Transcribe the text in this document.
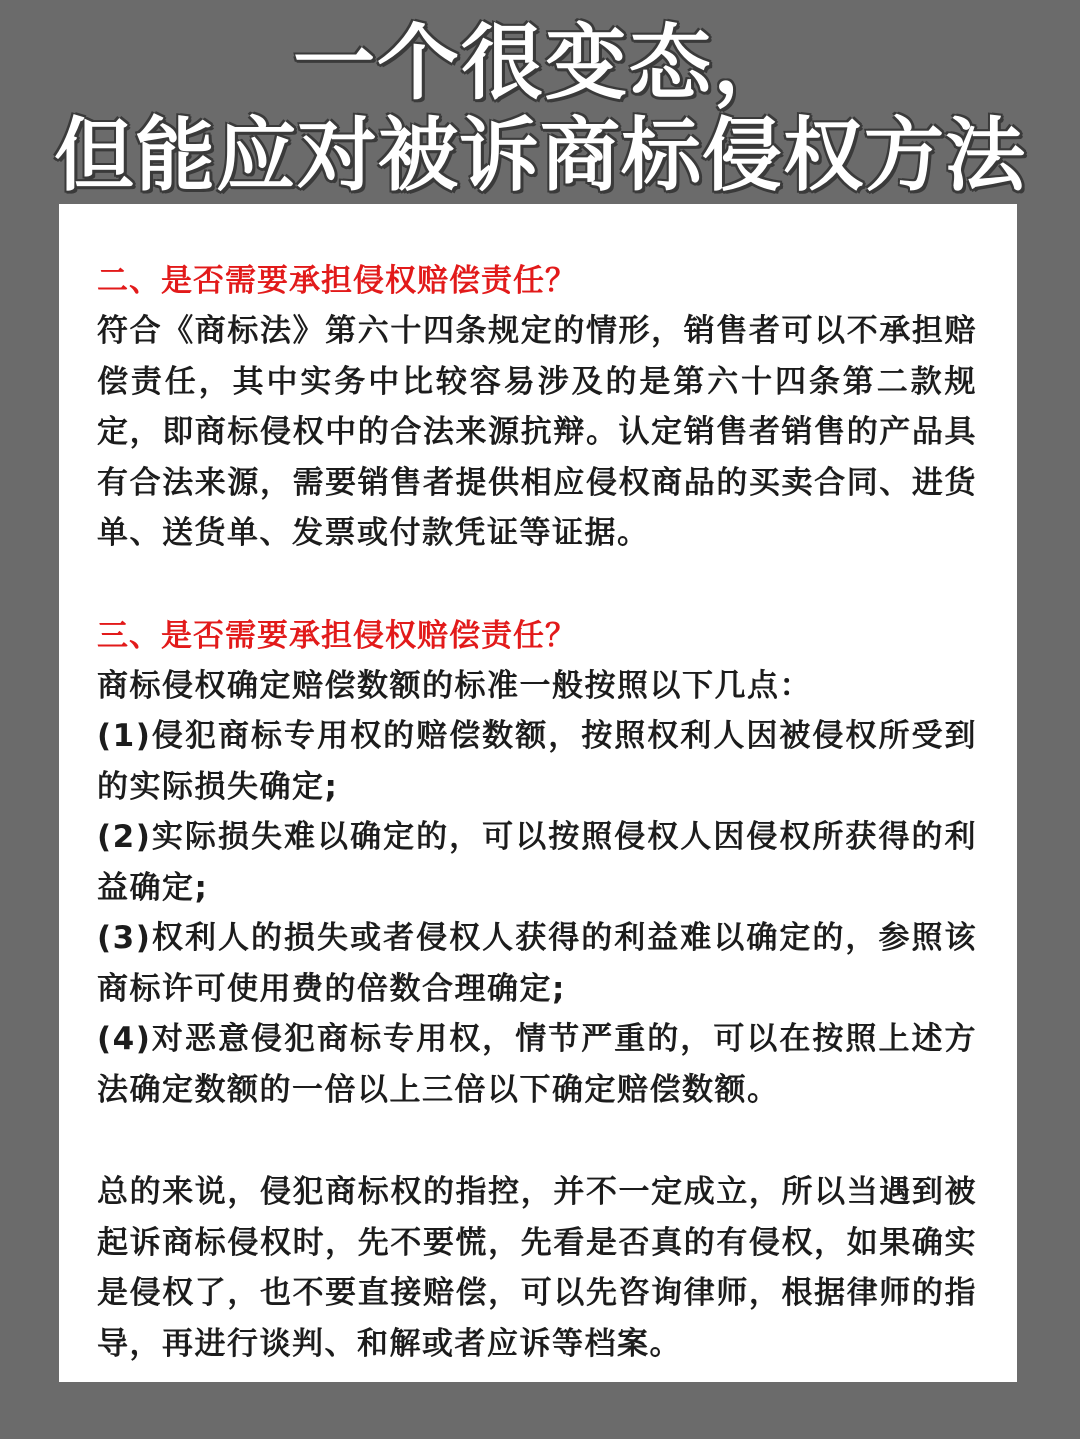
一个很变态，
但能应对被诉商标侵权方法

二、是否需要承担侵权赔偿责任？

符合《商标法》第六十四条规定的情形，销售者可以不承担赔偿责任，其中实务中比较容易涉及的是第六十四条第二款规定，即商标侵权中的合法来源抗辩。认定销售者销售的产品具有合法来源，需要销售者提供相应侵权商品的买卖合同、进货单、送货单、发票或付款凭证等证据。

三、是否需要承担侵权赔偿责任？

商标侵权确定赔偿数额的标准一般按照以下几点：

(1)侵犯商标专用权的赔偿数额，按照权利人因被侵权所受到的实际损失确定;

(2)实际损失难以确定的，可以按照侵权人因侵权所获得的利益确定;

(3)权利人的损失或者侵权人获得的利益难以确定的，参照该商标许可使用费的倍数合理确定;

(4)对恶意侵犯商标专用权，情节严重的，可以在按照上述方法确定数额的一倍以上三倍以下确定赔偿数额。

总的来说，侵犯商标权的指控，并不一定成立，所以当遇到被起诉商标侵权时，先不要慌，先看是否真的有侵权，如果确实是侵权了，也不要直接赔偿，可以先咨询律师，根据律师的指导，再进行谈判、和解或者应诉等档案。
